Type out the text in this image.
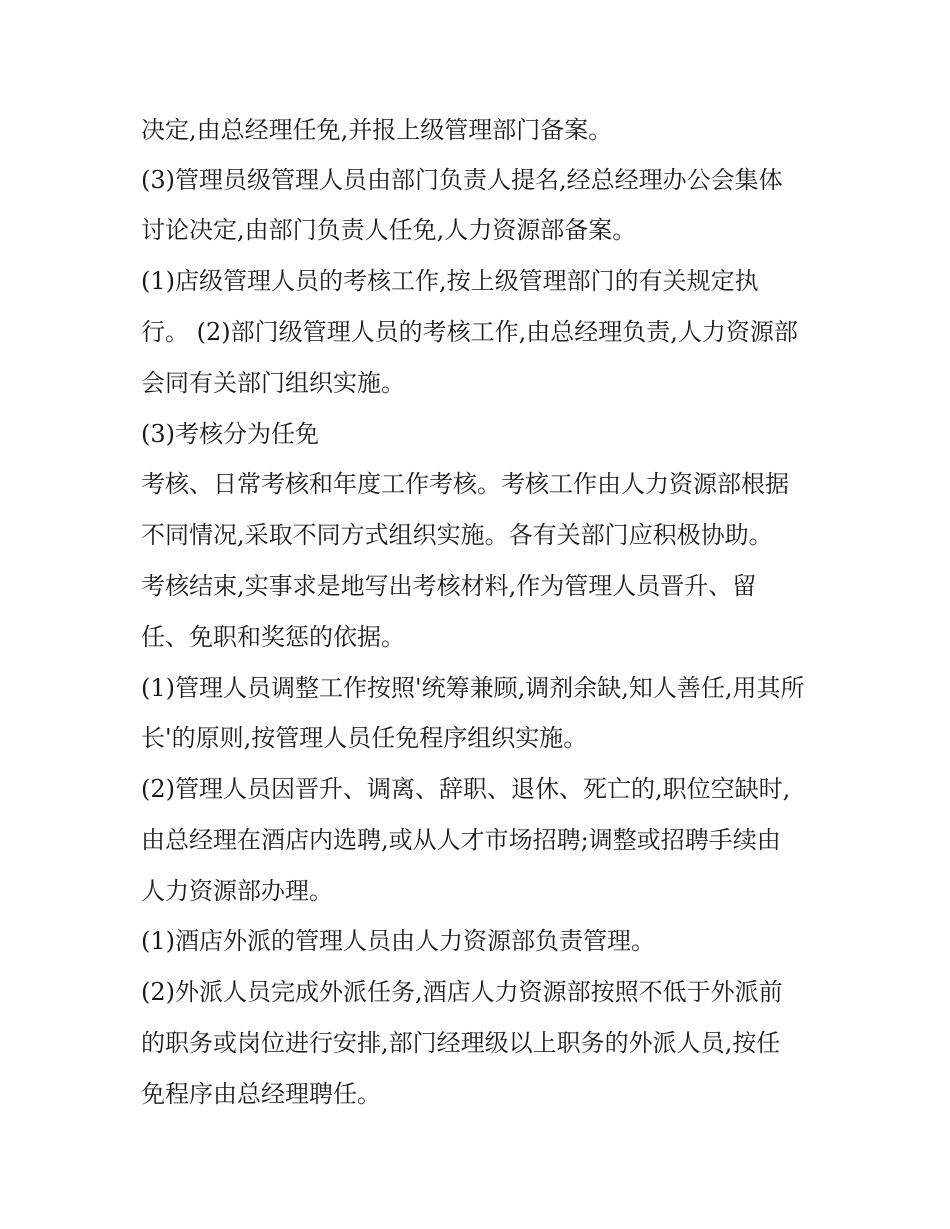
决定,由总经理任免,并报上级管理部门备案。

(3)管理员级管理人员由部门负责人提名,经总经理办公会集体

讨论决定,由部门负责人任免,人力资源部备案。

(1)店级管理人员的考核工作,按上级管理部门的有关规定执

行。 (2)部门级管理人员的考核工作,由总经理负责,人力资源部

会同有关部门组织实施。

(3)考核分为任免

考核、日常考核和年度工作考核。考核工作由人力资源部根据

不同情况,采取不同方式组织实施。各有关部门应积极协助。

考核结束,实事求是地写出考核材料,作为管理人员晋升、留

任、免职和奖惩的依据。

(1)管理人员调整工作按照'统筹兼顾,调剂余缺,知人善任,用其所

长'的原则,按管理人员任免程序组织实施。

(2)管理人员因晋升、调离、辞职、退休、死亡的,职位空缺时,

由总经理在酒店内选聘,或从人才市场招聘;调整或招聘手续由

人力资源部办理。

(1)酒店外派的管理人员由人力资源部负责管理。

(2)外派人员完成外派任务,酒店人力资源部按照不低于外派前

的职务或岗位进行安排,部门经理级以上职务的外派人员,按任

免程序由总经理聘任。
